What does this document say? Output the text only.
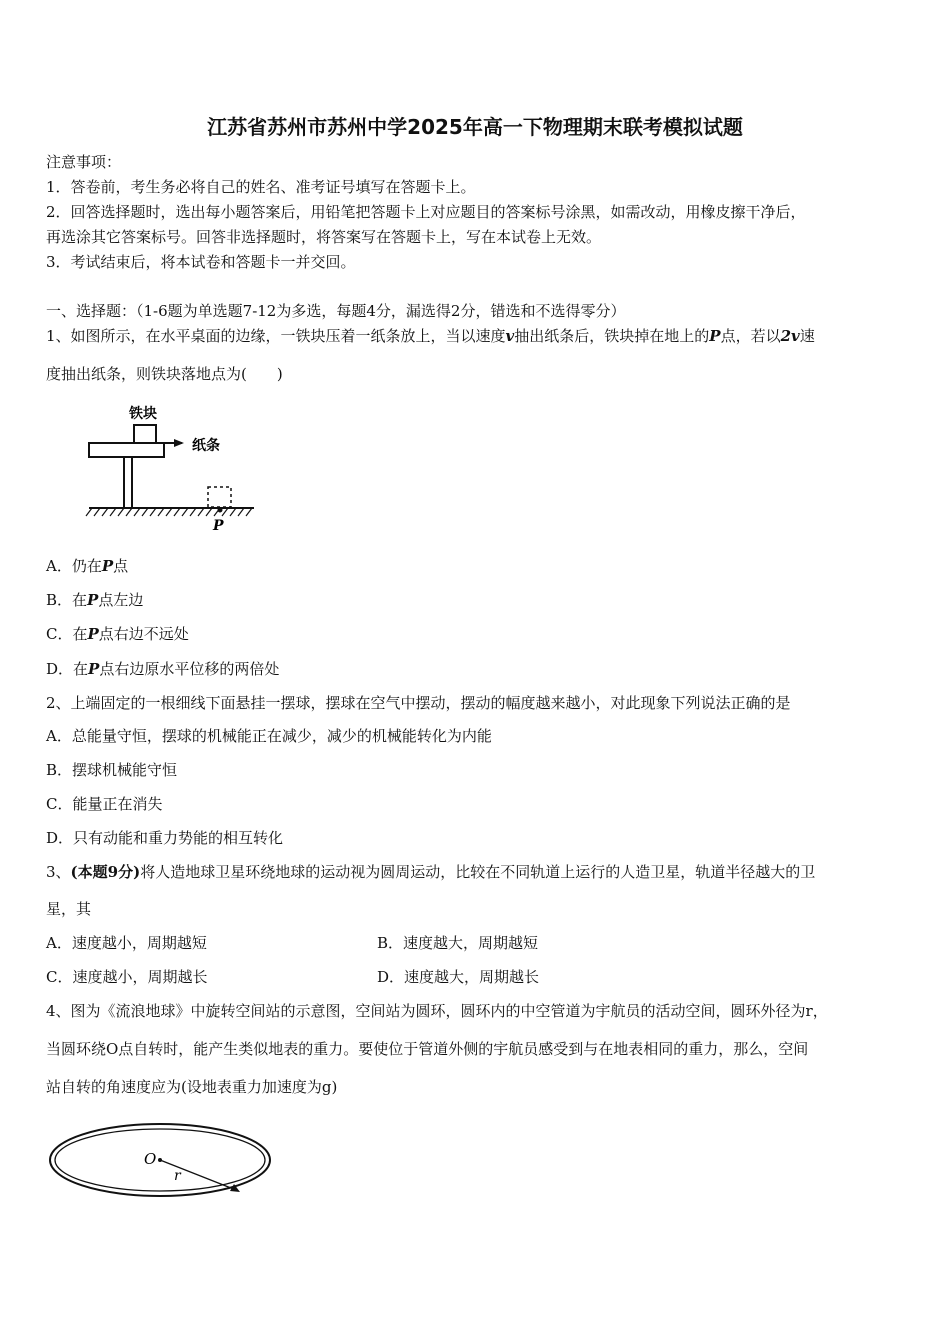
江苏省苏州市苏州中学2025年高一下物理期末联考模拟试题
注意事项：
1．答卷前，考生务必将自己的姓名、准考证号填写在答题卡上。
2．回答选择题时，选出每小题答案后，用铅笔把答题卡上对应题目的答案标号涂黑，如需改动，用橡皮擦干净后，
再选涂其它答案标号。回答非选择题时，将答案写在答题卡上，写在本试卷上无效。
3．考试结束后，将本试卷和答题卡一并交回。
一、选择题：（1-6题为单选题7-12为多选，每题4分，漏选得2分，错选和不选得零分）
1、如图所示，在水平桌面的边缘，一铁块压着一纸条放上，当以速度v抽出纸条后，铁块掉在地上的P点，若以2v速
度抽出纸条，则铁块落地点为(　　)
铁块
纸条
P
A．仍在P点
B．在P点左边
C．在P点右边不远处
D．在P点右边原水平位移的两倍处
2、上端固定的一根细线下面悬挂一摆球，摆球在空气中摆动，摆动的幅度越来越小，对此现象下列说法正确的是
A．总能量守恒，摆球的机械能正在减少，减少的机械能转化为内能
B．摆球机械能守恒
C．能量正在消失
D．只有动能和重力势能的相互转化
3、(本题9分)将人造地球卫星环绕地球的运动视为圆周运动，比较在不同轨道上运行的人造卫星，轨道半径越大的卫
星，其
A．速度越小，周期越短	B．速度越大，周期越短
C．速度越小，周期越长	D．速度越大，周期越长
4、图为《流浪地球》中旋转空间站的示意图，空间站为圆环，圆环内的中空管道为宇航员的活动空间，圆环外径为r，
当圆环绕O点自转时，能产生类似地表的重力。要使位于管道外侧的宇航员感受到与在地表相同的重力，那么，空间
站自转的角速度应为(设地表重力加速度为g)
O
r
